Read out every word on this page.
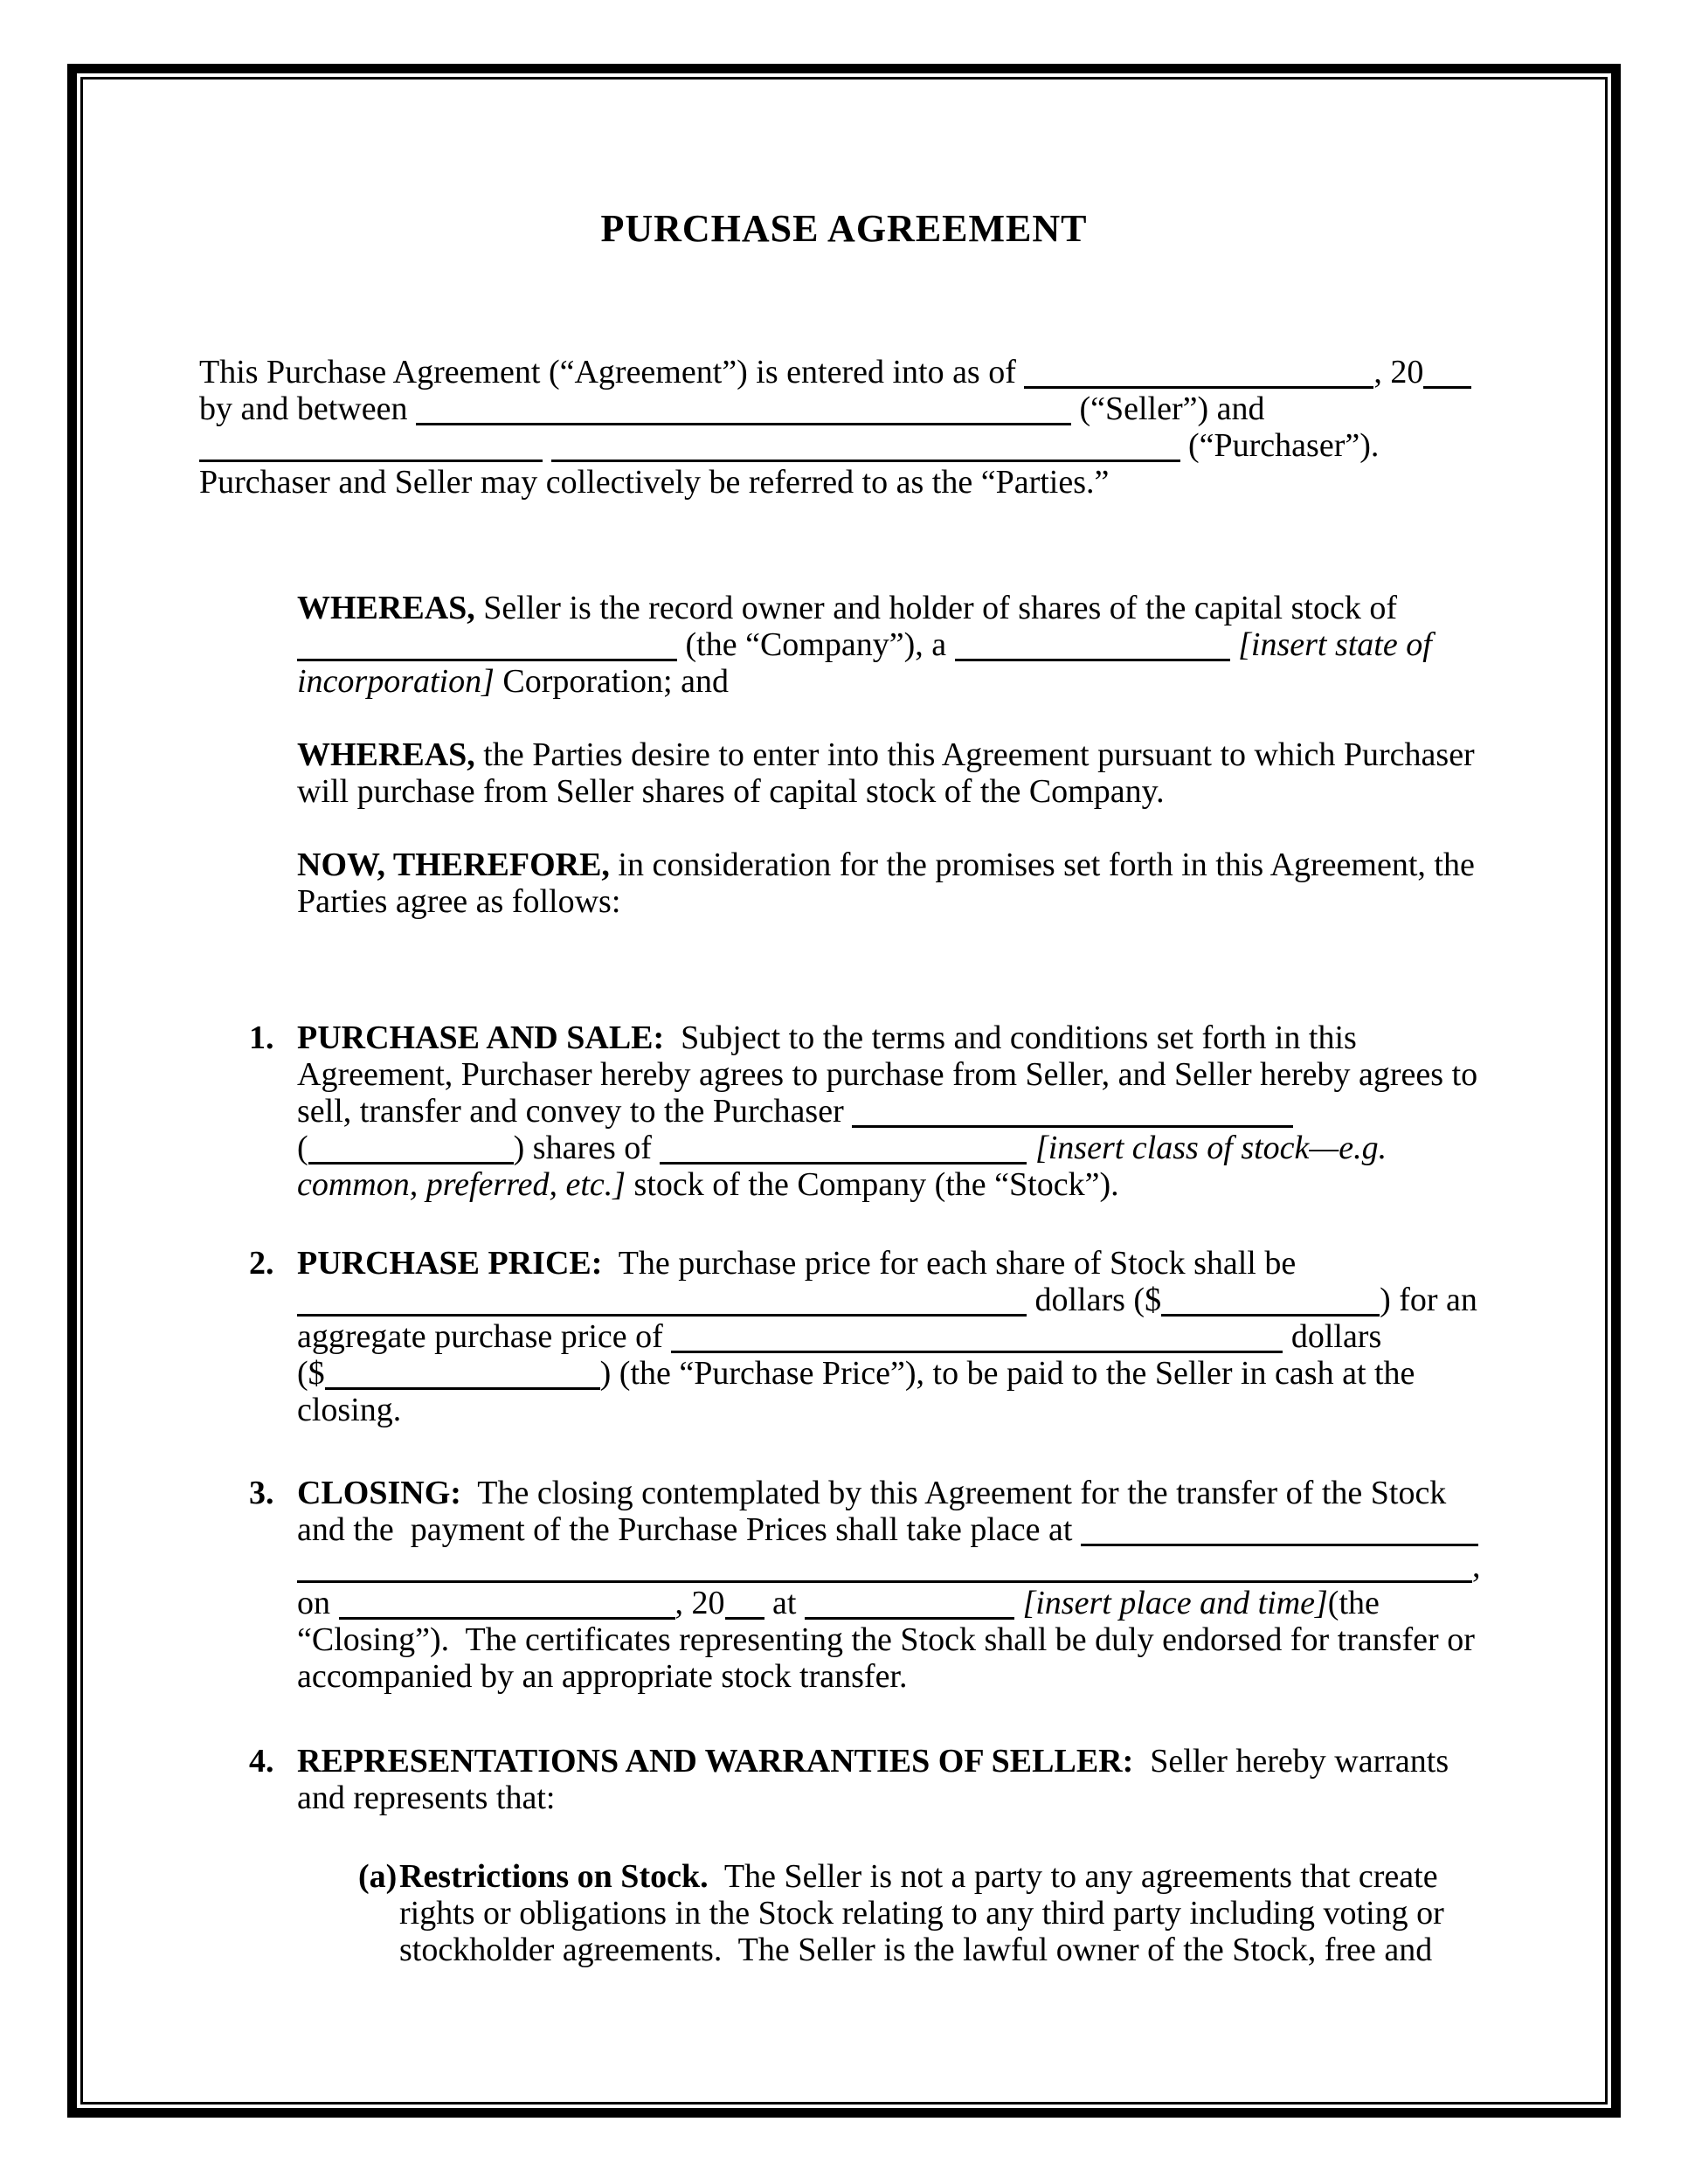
PURCHASE AGREEMENT
This Purchase Agreement (“Agreement”) is entered into as of	, 20
by and between	(“Seller”) and
(“Purchaser”).
Purchaser and Seller may collectively be referred to as the “Parties.”
WHEREAS, Seller is the record owner and holder of shares of the capital stock of
(the “Company”), a	[insert state of
incorporation] Corporation; and
WHEREAS, the Parties desire to enter into this Agreement pursuant to which Purchaser
will purchase from Seller shares of capital stock of the Company.
NOW, THEREFORE, in consideration for the promises set forth in this Agreement, the
Parties agree as follows:
1. PURCHASE AND SALE:  Subject to the terms and conditions set forth in this
Agreement, Purchaser hereby agrees to purchase from Seller, and Seller hereby agrees to
sell, transfer and convey to the Purchaser
(	) shares of	[insert class of stock—e.g.
common, preferred, etc.] stock of the Company (the “Stock”).
2. PURCHASE PRICE:  The purchase price for each share of Stock shall be
dollars ($	) for an
aggregate purchase price of	dollars
($	) (the “Purchase Price”), to be paid to the Seller in cash at the
closing.
3. CLOSING:  The closing contemplated by this Agreement for the transfer of the Stock
and the  payment of the Purchase Prices shall take place at
,
on	, 20 at	[insert place and time](the
“Closing”).  The certificates representing the Stock shall be duly endorsed for transfer or
accompanied by an appropriate stock transfer.
4. REPRESENTATIONS AND WARRANTIES OF SELLER:  Seller hereby warrants
and represents that:
(a) Restrictions on Stock.  The Seller is not a party to any agreements that create
rights or obligations in the Stock relating to any third party including voting or
stockholder agreements.  The Seller is the lawful owner of the Stock, free and
